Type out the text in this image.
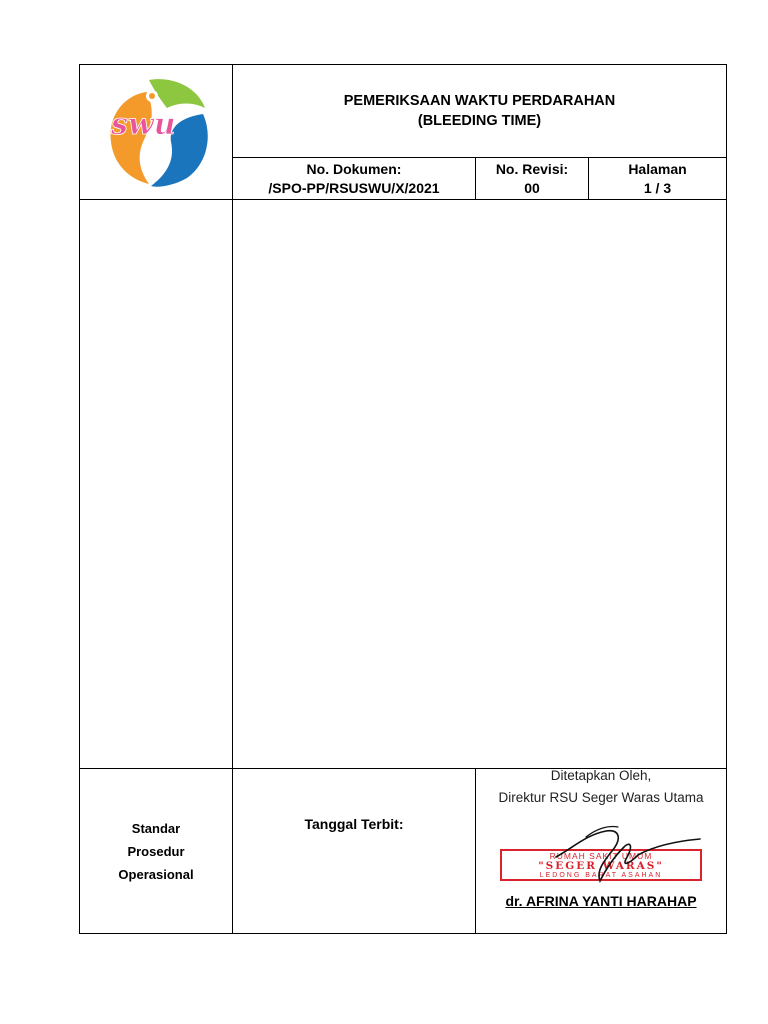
swu
PEMERIKSAAN WAKTU PERDARAHAN
(BLEEDING TIME)
No. Dokumen:
/SPO-PP/RSUSWU/X/2021
No. Revisi:
00
Halaman
1 / 3
Standar
Prosedur
Operasional
Tanggal Terbit:
Ditetapkan Oleh,
Direktur RSU Seger Waras Utama
RUMAH SAKIT UMUM
"SEGER WARAS"
LEDONG BARAT ASAHAN
dr. AFRINA YANTI HARAHAP
